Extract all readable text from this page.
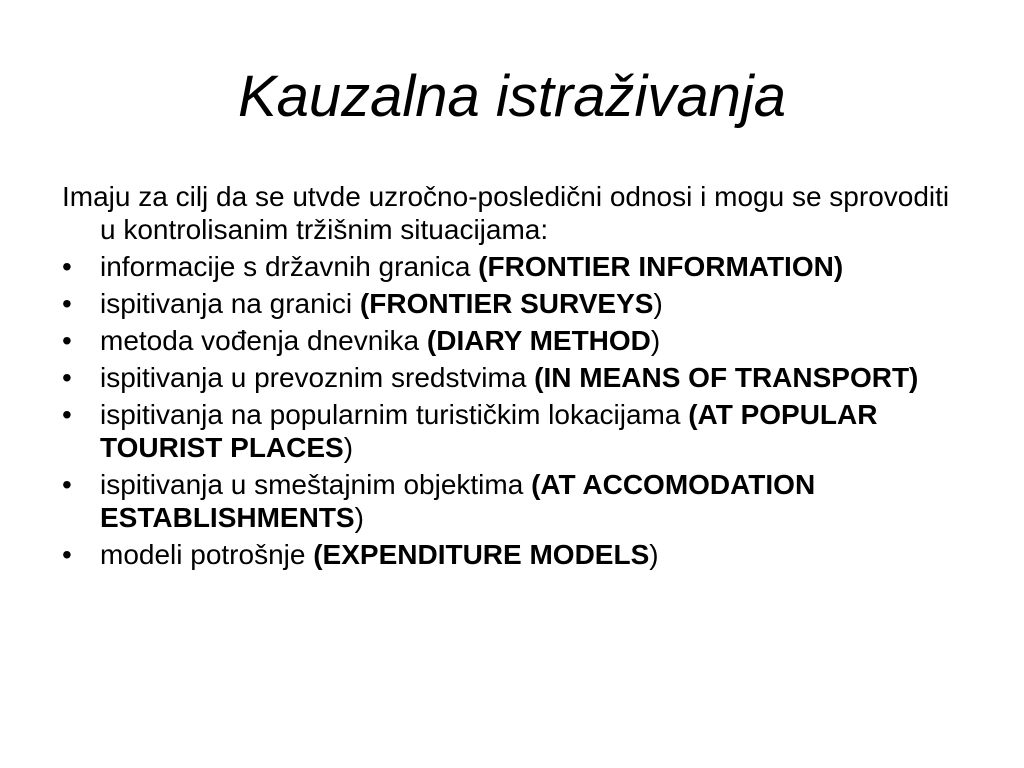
Kauzalna istraživanja

Imaju za cilj da se utvde uzročno-posledični odnosi i mogu se sprovoditi u kontrolisanim tržišnim situacijama:

•	informacije s državnih granica (FRONTIER INFORMATION)
•	ispitivanja na granici (FRONTIER SURVEYS)
•	metoda vođenja dnevnika (DIARY METHOD)
•	ispitivanja u prevoznim sredstvima (IN MEANS OF TRANSPORT)
•	ispitivanja na popularnim turističkim lokacijama (AT POPULAR TOURIST PLACES)
•	ispitivanja u smeštajnim objektima (AT ACCOMODATION ESTABLISHMENTS)
•	modeli potrošnje (EXPENDITURE MODELS)
